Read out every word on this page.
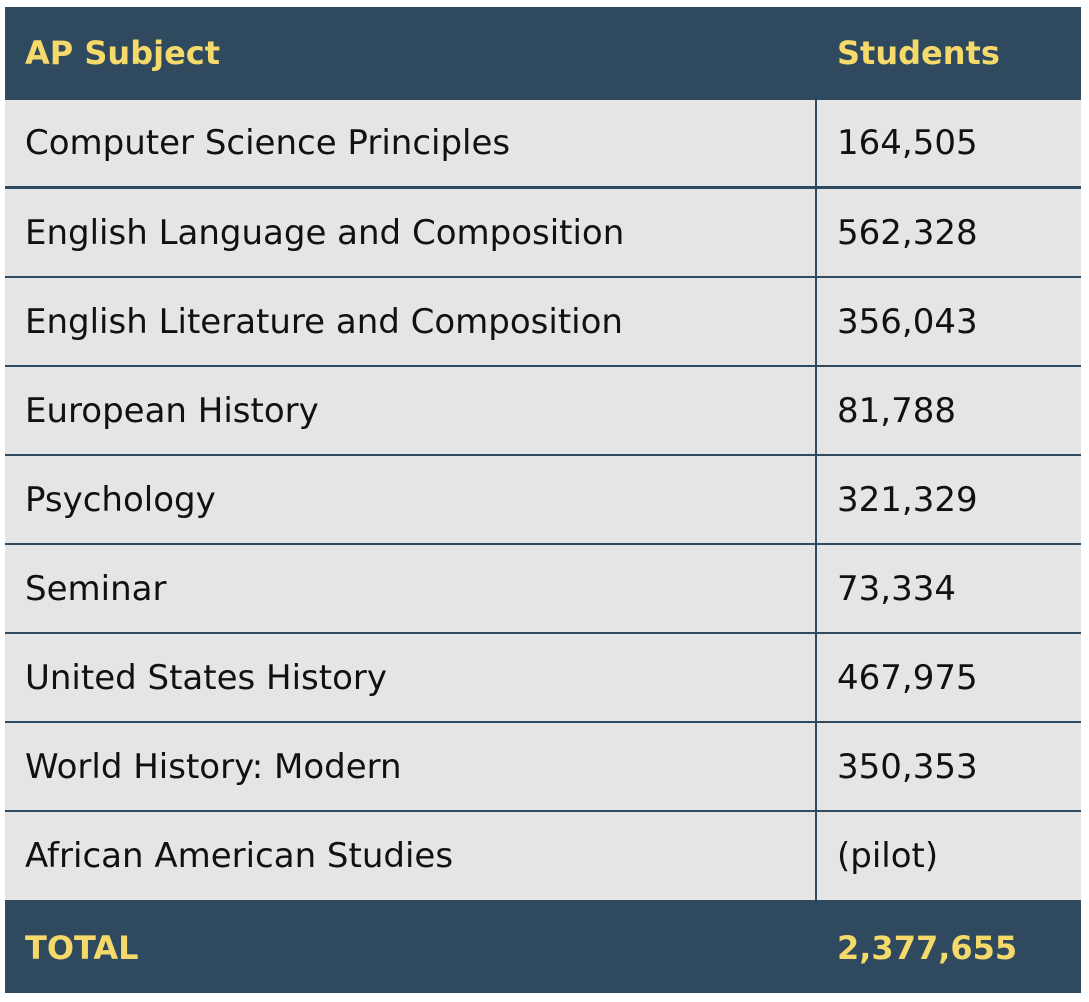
AP Subject	Students
Computer Science Principles	164,505
English Language and Composition	562,328
English Literature and Composition	356,043
European History	81,788
Psychology	321,329
Seminar	73,334
United States History	467,975
World History: Modern	350,353
African American Studies	(pilot)
TOTAL	2,377,655
